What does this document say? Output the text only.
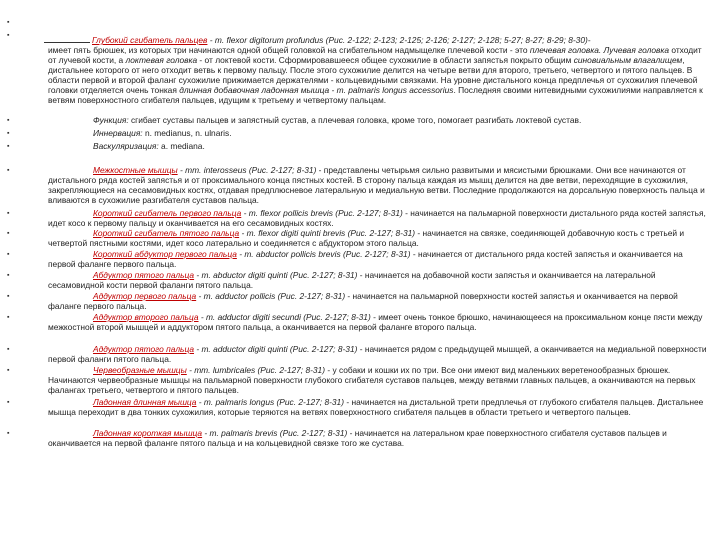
▪
▪
▪
▪
▪
▪
▪
▪
▪
▪
▪
▪
▪
▪
▪
▪
Глубокий сгибатель пальцев - m. flexor digitorum profundus (Рис. 2-122; 2-123; 2-125; 2-126; 2-127; 2-128; 5-27; 8-27; 8-29; 8-30)-
имеет пять брюшек, из которых три начинаются одной общей головкой на сгибательном надмыщелке плечевой кости - это плечевая головка. Лучевая головка отходит от лучевой кости, а локтевая головка - от локтевой кости. Сформировавшееся общее сухожилие в области запястья покрыто общим синовиальным влагалищем, дистальнее которого от него отходит ветвь к первому пальцу. После этого сухожилие делится на четыре ветви для второго, третьего, четвертого и пятого пальцев. В области первой и второй фаланг сухожилие прижимается держателями - кольцевидными связками. На уровне дистального конца предплечья от сухожилия плечевой головки отделяется очень тонкая длинная добавочная ладонная мышца - m. palmaris longus accessorius. Последняя своими нитевидными сухожилиями направляется к ветвям поверхностного сгибателя пальцев, идущим к третьему и четвертому пальцам.
Функция: сгибает суставы пальцев и запястный сустав, а плечевая головка, кроме того, помогает разгибать локтевой сустав.
Иннервация: n. medianus, n. ulnaris.
Васкуляризация: a. mediana.
Межкостные мышцы - mm. interosseus (Рис. 2-127; 8-31) - представлены четырьмя сильно развитыми и мясистыми брюшками. Они все начинаются от дистального ряда костей запястья и от проксимального конца пястных костей. В сторону пальца каждая из мышц делится на две ветви, переходящие в сухожилия, закрепляющиеся на сесамовидных костях, отдавая предплюсневое латеральную и медиальную ветви. Последние продолжаются на дорсальную поверхность пальца и вливаются в сухожилие разгибателя суставов пальца.
Короткий сгибатель первого пальца - m. flexor pollicis brevis (Рис. 2-127; 8-31) - начинается на пальмарной поверхности дистального ряда костей запястья, идет косо к первому пальцу и оканчивается на его сесамовидных костях.
Короткий сгибатель пятого пальца - m. flexor digiti quinti brevis (Рис. 2-127; 8-31) - начинается на связке, соединяющей добавочную кость с третьей и четвертой пястными костями, идет косо латерально и соединяется с абдуктором этого пальца.
Короткий абдуктор первого пальца - m. abductor pollicis brevis (Рис. 2-127; 8-31) - начинается от дистального ряда костей запястья и оканчивается на первой фаланге первого пальца.
Абдуктор пятого пальца - m. abductor digiti quinti (Рис. 2-127; 8-31) - начинается на добавочной кости запястья и оканчивается на латеральной сесамовидной кости первой фаланги пятого пальца.
Аддуктор первого пальца - m. adductor pollicis (Рис. 2-127; 8-31) - начинается на пальмарной поверхности костей запястья и оканчивается на первой фаланге первого пальца.
Аддуктор второго пальца - m. adductor digiti secundi (Рис. 2-127; 8-31) - имеет очень тонкое брюшко, начинающееся на проксимальном конце пясти между межкостной второй мышцей и аддуктором пятого пальца, а оканчивается на первой фаланге второго пальца.
Аддуктор пятого пальца - m. adductor digiti quinti (Рис. 2-127; 8-31) - начинается рядом с предыдущей мышцей, а оканчивается на медиальной поверхности первой фаланги пятого пальца.
Червеобразные мышцы - mm. lumbricales (Рис. 2-127; 8-31) - у собаки и кошки их по три. Все они имеют вид маленьких веретенообразных брюшек. Начинаются червеобразные мышцы на пальмарной поверхности глубокого сгибателя суставов пальцев, между ветвями главных пальцев, а оканчиваются на первых фалангах третьего, четвертого и пятого пальцев.
Ладонная длинная мышца - m. palmaris longus (Рис. 2-127; 8-31) - начинается на дистальной трети предплечья от глубокого сгибателя пальцев. Дистальнее мышца переходит в два тонких сухожилия, которые теряются на ветвях поверхностного сгибателя пальцев в области третьего и четвертого пальцев.
Ладонная короткая мышца - m. palmaris brevis (Рис. 2-127; 8-31) - начинается на латеральном крае поверхностного сгибателя суставов пальцев и оканчивается на первой фаланге пятого пальца и на кольцевидной связке того же сустава.
